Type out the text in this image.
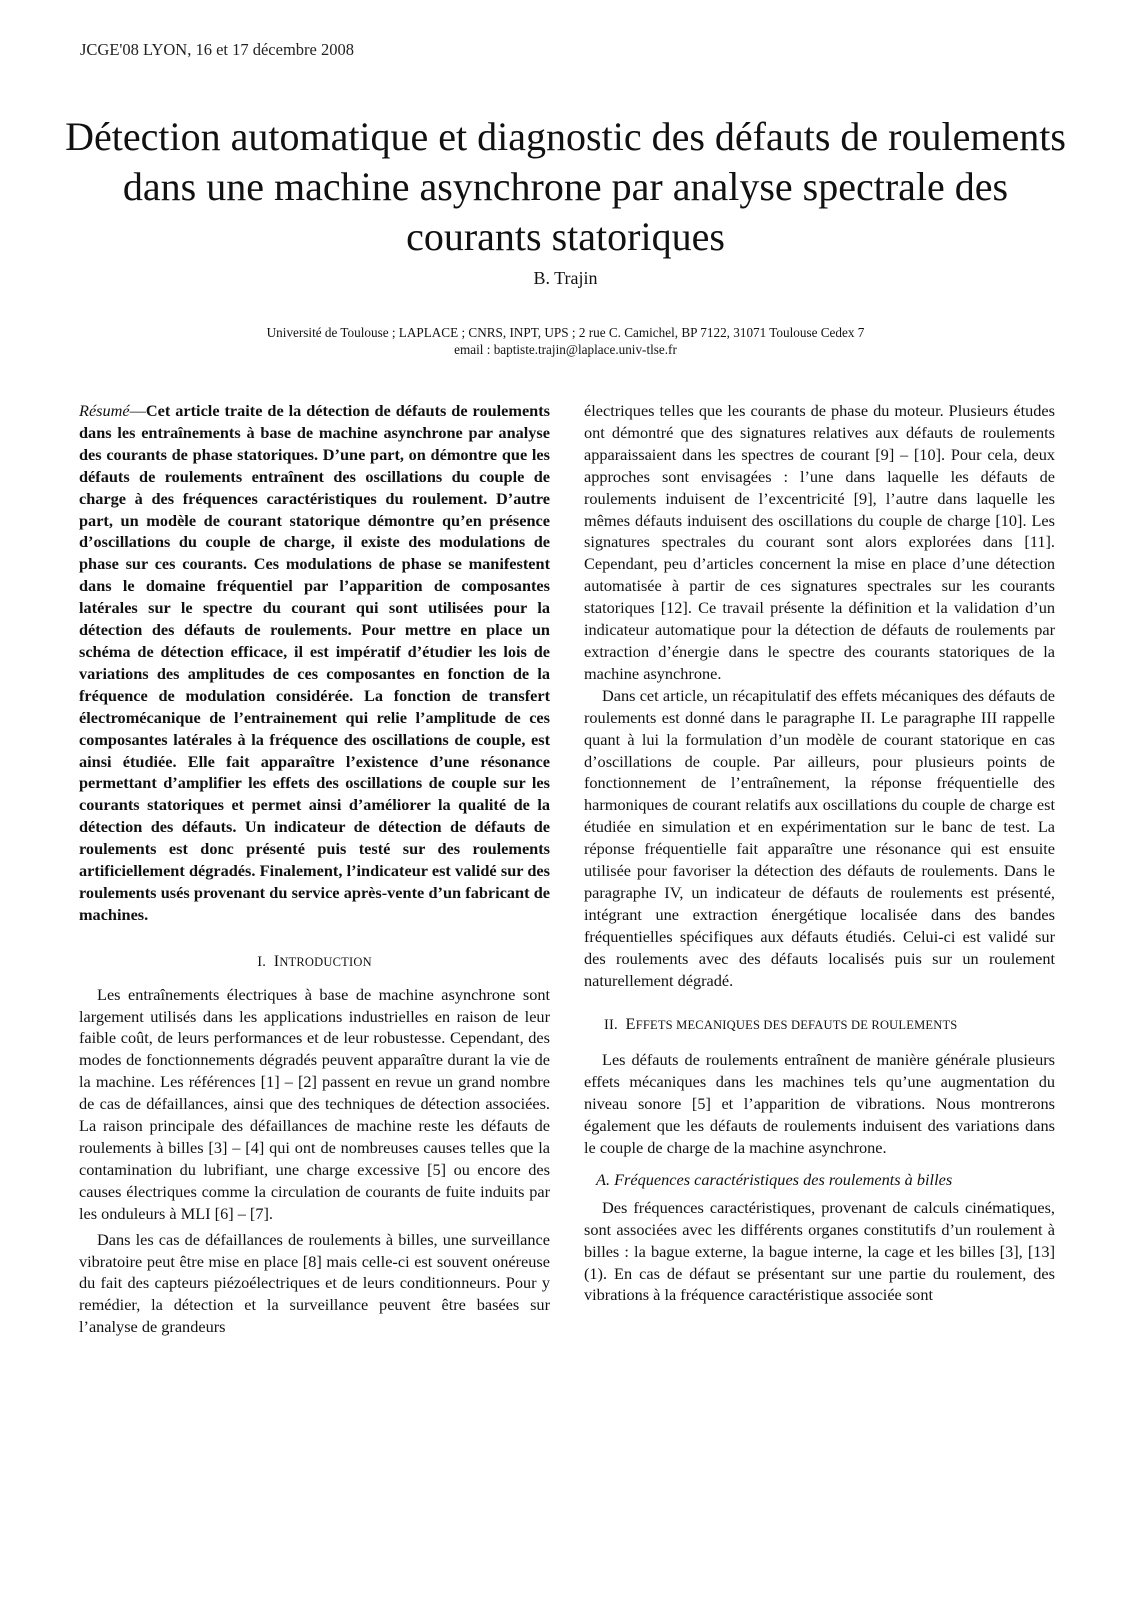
JCGE'08 LYON, 16 et 17 décembre 2008
Détection automatique et diagnostic des défauts de roulements dans une machine asynchrone par analyse spectrale des courants statoriques
B. Trajin
Université de Toulouse ; LAPLACE ; CNRS, INPT, UPS ; 2 rue C. Camichel, BP 7122, 31071 Toulouse Cedex 7
email : baptiste.trajin@laplace.univ-tlse.fr

Résumé—Cet article traite de la détection de défauts de roulements dans les entraînements à base de machine asynchrone par analyse des courants de phase statoriques. D’une part, on démontre que les défauts de roulements entraînent des oscillations du couple de charge à des fréquences caractéristiques du roulement. D’autre part, un modèle de courant statorique démontre qu’en présence d’oscillations du couple de charge, il existe des modulations de phase sur ces courants. Ces modulations de phase se manifestent dans le domaine fréquentiel par l’apparition de composantes latérales sur le spectre du courant qui sont utilisées pour la détection des défauts de roulements. Pour mettre en place un schéma de détection efficace, il est impératif d’étudier les lois de variations des amplitudes de ces composantes en fonction de la fréquence de modulation considérée. La fonction de transfert électromécanique de l’entrainement qui relie l’amplitude de ces composantes latérales à la fréquence des oscillations de couple, est ainsi étudiée. Elle fait apparaître l’existence d’une résonance permettant d’amplifier les effets des oscillations de couple sur les courants statoriques et permet ainsi d’améliorer la qualité de la détection des défauts. Un indicateur de détection de défauts de roulements est donc présenté puis testé sur des roulements artificiellement dégradés. Finalement, l’indicateur est validé sur des roulements usés provenant du service après-vente d’un fabricant de machines.

I. INTRODUCTION

Les entraînements électriques à base de machine asynchrone sont largement utilisés dans les applications industrielles en raison de leur faible coût, de leurs performances et de leur robustesse. Cependant, des modes de fonctionnements dégradés peuvent apparaître durant la vie de la machine. Les références [1] – [2] passent en revue un grand nombre de cas de défaillances, ainsi que des techniques de détection associées. La raison principale des défaillances de machine reste les défauts de roulements à billes [3] – [4] qui ont de nombreuses causes telles que la contamination du lubrifiant, une charge excessive [5] ou encore des causes électriques comme la circulation de courants de fuite induits par les onduleurs à MLI [6] – [7].

Dans les cas de défaillances de roulements à billes, une surveillance vibratoire peut être mise en place [8] mais celle-ci est souvent onéreuse du fait des capteurs piézoélectriques et de leurs conditionneurs. Pour y remédier, la détection et la surveillance peuvent être basées sur l’analyse de grandeurs

électriques telles que les courants de phase du moteur. Plusieurs études ont démontré que des signatures relatives aux défauts de roulements apparaissaient dans les spectres de courant [9] – [10]. Pour cela, deux approches sont envisagées : l’une dans laquelle les défauts de roulements induisent de l’excentricité [9], l’autre dans laquelle les mêmes défauts induisent des oscillations du couple de charge [10]. Les signatures spectrales du courant sont alors explorées dans [11]. Cependant, peu d’articles concernent la mise en place d’une détection automatisée à partir de ces signatures spectrales sur les courants statoriques [12]. Ce travail présente la définition et la validation d’un indicateur automatique pour la détection de défauts de roulements par extraction d’énergie dans le spectre des courants statoriques de la machine asynchrone.

Dans cet article, un récapitulatif des effets mécaniques des défauts de roulements est donné dans le paragraphe II. Le paragraphe III rappelle quant à lui la formulation d’un modèle de courant statorique en cas d’oscillations de couple. Par ailleurs, pour plusieurs points de fonctionnement de l’entraînement, la réponse fréquentielle des harmoniques de courant relatifs aux oscillations du couple de charge est étudiée en simulation et en expérimentation sur le banc de test. La réponse fréquentielle fait apparaître une résonance qui est ensuite utilisée pour favoriser la détection des défauts de roulements. Dans le paragraphe IV, un indicateur de défauts de roulements est présenté, intégrant une extraction énergétique localisée dans des bandes fréquentielles spécifiques aux défauts étudiés. Celui-ci est validé sur des roulements avec des défauts localisés puis sur un roulement naturellement dégradé.

II. EFFETS MECANIQUES DES DEFAUTS DE ROULEMENTS

Les défauts de roulements entraînent de manière générale plusieurs effets mécaniques dans les machines tels qu’une augmentation du niveau sonore [5] et l’apparition de vibrations. Nous montrerons également que les défauts de roulements induisent des variations dans le couple de charge de la machine asynchrone.

A. Fréquences caractéristiques des roulements à billes

Des fréquences caractéristiques, provenant de calculs cinématiques, sont associées avec les différents organes constitutifs d’un roulement à billes : la bague externe, la bague interne, la cage et les billes [3], [13] (1). En cas de défaut se présentant sur une partie du roulement, des vibrations à la fréquence caractéristique associée sont
